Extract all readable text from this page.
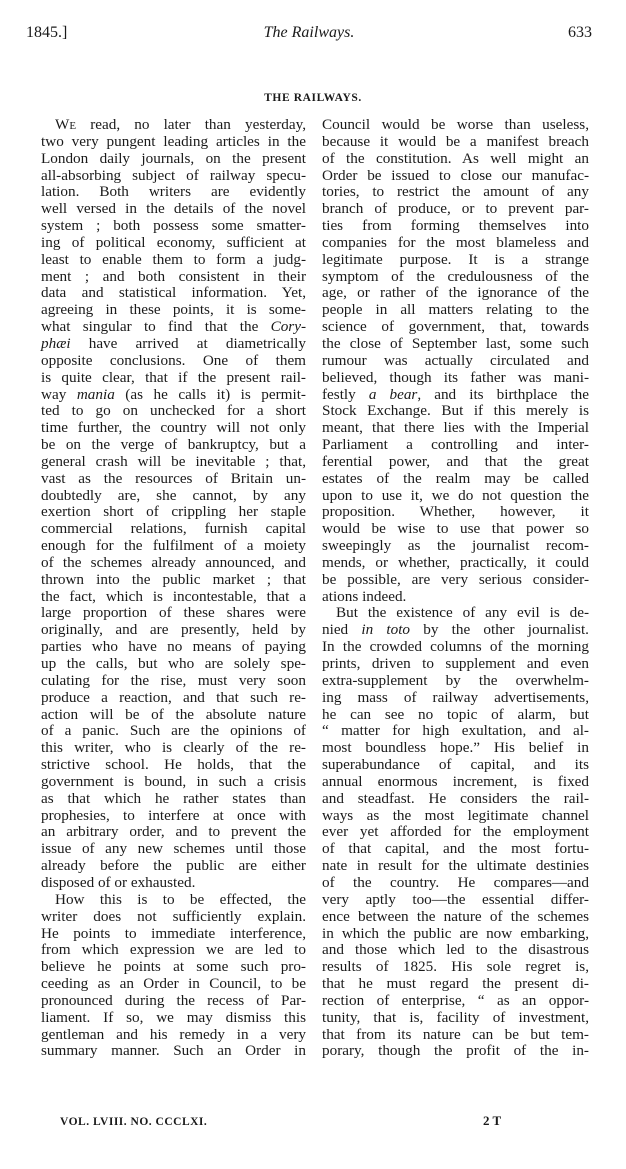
1845.]	The Railways.	633
THE RAILWAYS.
We read, no later than yesterday,
two very pungent leading articles in the
London daily journals, on the present
all-absorbing subject of railway specu-
lation. Both writers are evidently
well versed in the details of the novel
system ; both possess some smatter-
ing of political economy, sufficient at
least to enable them to form a judg-
ment ; and both consistent in their
data and statistical information. Yet,
agreeing in these points, it is some-
what singular to find that the Cory-
phæi have arrived at diametrically
opposite conclusions. One of them
is quite clear, that if the present rail-
way mania (as he calls it) is permit-
ted to go on unchecked for a short
time further, the country will not only
be on the verge of bankruptcy, but a
general crash will be inevitable ; that,
vast as the resources of Britain un-
doubtedly are, she cannot, by any
exertion short of crippling her staple
commercial relations, furnish capital
enough for the fulfilment of a moiety
of the schemes already announced, and
thrown into the public market ; that
the fact, which is incontestable, that a
large proportion of these shares were
originally, and are presently, held by
parties who have no means of paying
up the calls, but who are solely spe-
culating for the rise, must very soon
produce a reaction, and that such re-
action will be of the absolute nature
of a panic. Such are the opinions of
this writer, who is clearly of the re-
strictive school. He holds, that the
government is bound, in such a crisis
as that which he rather states than
prophesies, to interfere at once with
an arbitrary order, and to prevent the
issue of any new schemes until those
already before the public are either
disposed of or exhausted.
How this is to be effected, the
writer does not sufficiently explain.
He points to immediate interference,
from which expression we are led to
believe he points at some such pro-
ceeding as an Order in Council, to be
pronounced during the recess of Par-
liament. If so, we may dismiss this
gentleman and his remedy in a very
summary manner. Such an Order in
Council would be worse than useless,
because it would be a manifest breach
of the constitution. As well might an
Order be issued to close our manufac-
tories, to restrict the amount of any
branch of produce, or to prevent par-
ties from forming themselves into
companies for the most blameless and
legitimate purpose. It is a strange
symptom of the credulousness of the
age, or rather of the ignorance of the
people in all matters relating to the
science of government, that, towards
the close of September last, some such
rumour was actually circulated and
believed, though its father was mani-
festly a bear, and its birthplace the
Stock Exchange. But if this merely is
meant, that there lies with the Imperial
Parliament a controlling and inter-
ferential power, and that the great
estates of the realm may be called
upon to use it, we do not question the
proposition. Whether, however, it
would be wise to use that power so
sweepingly as the journalist recom-
mends, or whether, practically, it could
be possible, are very serious consider-
ations indeed.
But the existence of any evil is de-
nied in toto by the other journalist.
In the crowded columns of the morning
prints, driven to supplement and even
extra-supplement by the overwhelm-
ing mass of railway advertisements,
he can see no topic of alarm, but
“ matter for high exultation, and al-
most boundless hope.” His belief in
superabundance of capital, and its
annual enormous increment, is fixed
and steadfast. He considers the rail-
ways as the most legitimate channel
ever yet afforded for the employment
of that capital, and the most fortu-
nate in result for the ultimate destinies
of the country. He compares—and
very aptly too—the essential differ-
ence between the nature of the schemes
in which the public are now embarking,
and those which led to the disastrous
results of 1825. His sole regret is,
that he must regard the present di-
rection of enterprise, “ as an oppor-
tunity, that is, facility of investment,
that from its nature can be but tem-
porary, though the profit of the in-
VOL. LVIII. NO. CCCLXI.	2 T
